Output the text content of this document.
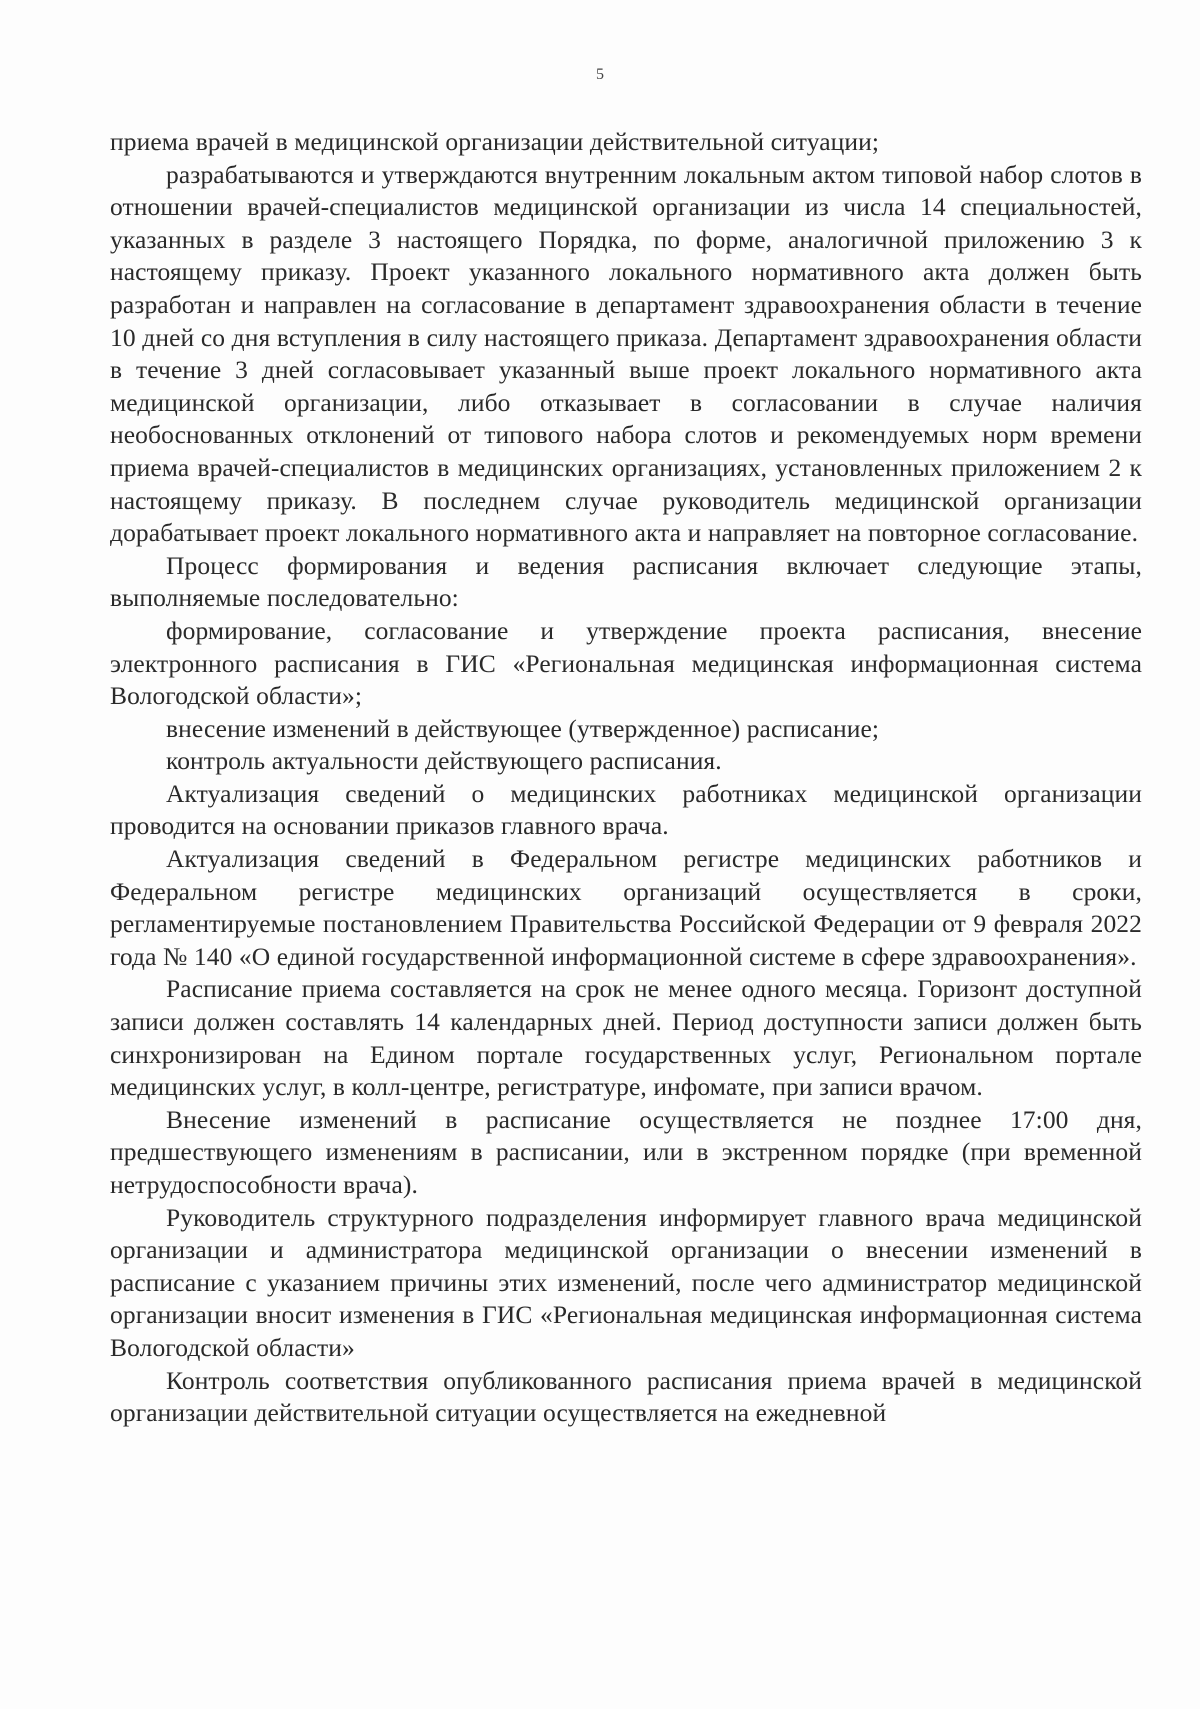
5

приема врачей в медицинской организации действительной ситуации;

разрабатываются и утверждаются внутренним локальным актом типовой набор слотов в отношении врачей-специалистов медицинской организации из числа 14 специальностей, указанных в разделе 3 настоящего Порядка, по форме, аналогичной приложению 3 к настоящему приказу. Проект указанного локального нормативного акта должен быть разработан и направлен на согласование в департамент здравоохранения области в течение 10 дней со дня вступления в силу настоящего приказа. Департамент здравоохранения области в течение 3 дней согласовывает указанный выше проект локального нормативного акта медицинской организации, либо отказывает в согласовании в случае наличия необоснованных отклонений от типового набора слотов и рекомендуемых норм времени приема врачей-специалистов в медицинских организациях, установленных приложением 2 к настоящему приказу. В последнем случае руководитель медицинской организации дорабатывает проект локального нормативного акта и направляет на повторное согласование.

Процесс формирования и ведения расписания включает следующие этапы, выполняемые последовательно:

формирование, согласование и утверждение проекта расписания, внесение электронного расписания в ГИС «Региональная медицинская информационная система Вологодской области»;

внесение изменений в действующее (утвержденное) расписание;

контроль актуальности действующего расписания.

Актуализация сведений о медицинских работниках медицинской организации проводится на основании приказов главного врача.

Актуализация сведений в Федеральном регистре медицинских работников и Федеральном регистре медицинских организаций осуществляется в сроки, регламентируемые постановлением Правительства Российской Федерации от 9 февраля 2022 года № 140 «О единой государственной информационной системе в сфере здравоохранения».

Расписание приема составляется на срок не менее одного месяца. Горизонт доступной записи должен составлять 14 календарных дней. Период доступности записи должен быть синхронизирован на Едином портале государственных услуг, Региональном портале медицинских услуг, в колл-центре, регистратуре, инфомате, при записи врачом.

Внесение изменений в расписание осуществляется не позднее 17:00 дня, предшествующего изменениям в расписании, или в экстренном порядке (при временной нетрудоспособности врача).

Руководитель структурного подразделения информирует главного врача медицинской организации и администратора медицинской организации о внесении изменений в расписание с указанием причины этих изменений, после чего администратор медицинской организации вносит изменения в ГИС «Региональная медицинская информационная система Вологодской области»

Контроль соответствия опубликованного расписания приема врачей в медицинской организации действительной ситуации осуществляется на ежедневной
